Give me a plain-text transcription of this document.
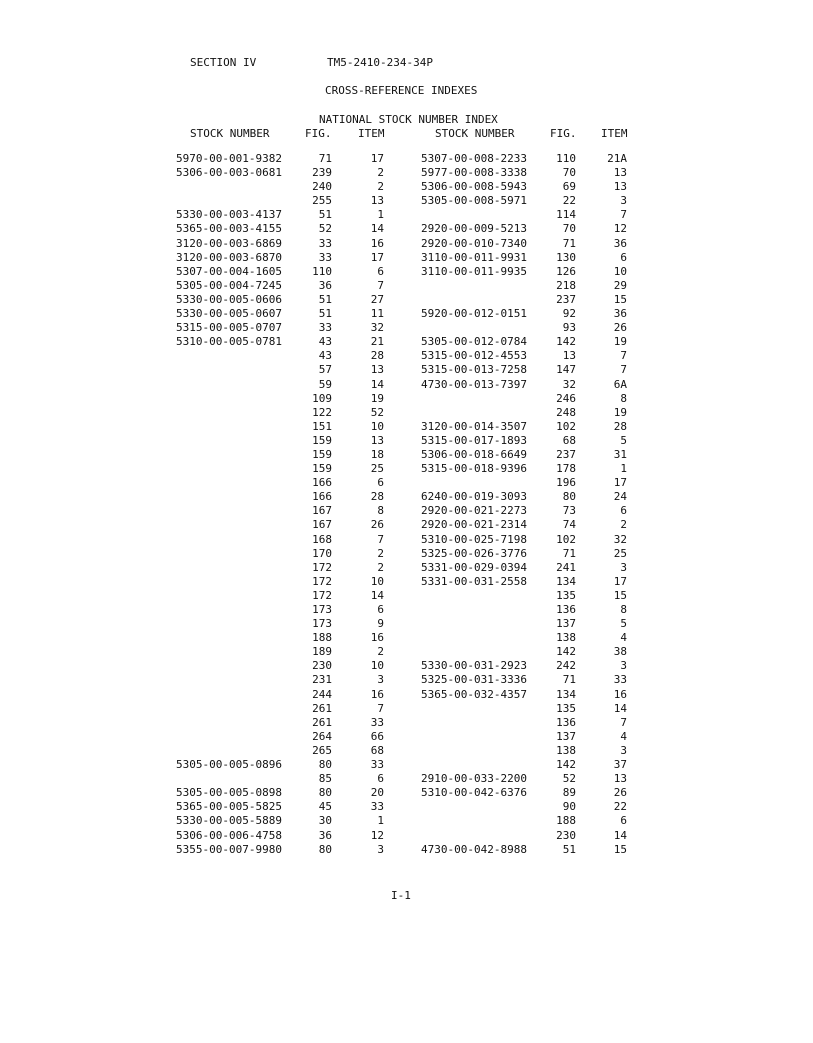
SECTION IV	TM5-2410-234-34P
CROSS-REFERENCE INDEXES
NATIONAL STOCK NUMBER INDEX
STOCK NUMBER	FIG. ITEM	STOCK NUMBER	FIG. ITEM
5970-00-001-9382	71	17	5307-00-008-2233	110	21A
5306-00-003-0681	239	2	5977-00-008-3338	70	13
240	2	5306-00-008-5943	69	13
255	13	5305-00-008-5971	22	3
5330-00-003-4137	51	1	114	7
5365-00-003-4155	52	14	2920-00-009-5213	70	12
3120-00-003-6869	33	16	2920-00-010-7340	71	36
3120-00-003-6870	33	17	3110-00-011-9931	130	6
5307-00-004-1605	110	6	3110-00-011-9935	126	10
5305-00-004-7245	36	7	218	29
5330-00-005-0606	51	27	237	15
5330-00-005-0607	51	11	5920-00-012-0151	92	36
5315-00-005-0707	33	32	93	26
5310-00-005-0781	43	21	5305-00-012-0784	142	19
43	28	5315-00-012-4553	13	7
57	13	5315-00-013-7258	147	7
59	14	4730-00-013-7397	32	6A
109	19	246	8
122	52	248	19
151	10	3120-00-014-3507	102	28
159	13	5315-00-017-1893	68	5
159	18	5306-00-018-6649	237	31
159	25	5315-00-018-9396	178	1
166	6	196	17
166	28	6240-00-019-3093	80	24
167	8	2920-00-021-2273	73	6
167	26	2920-00-021-2314	74	2
168	7	5310-00-025-7198	102	32
170	2	5325-00-026-3776	71	25
172	2	5331-00-029-0394	241	3
172	10	5331-00-031-2558	134	17
172	14	135	15
173	6	136	8
173	9	137	5
188	16	138	4
189	2	142	38
230	10	5330-00-031-2923	242	3
231	3	5325-00-031-3336	71	33
244	16	5365-00-032-4357	134	16
261	7	135	14
261	33	136	7
264	66	137	4
265	68	138	3
5305-00-005-0896	80	33	142	37
85	6	2910-00-033-2200	52	13
5305-00-005-0898	80	20	5310-00-042-6376	89	26
5365-00-005-5825	45	33	90	22
5330-00-005-5889	30	1	188	6
5306-00-006-4758	36	12	230	14
5355-00-007-9980	80	3	4730-00-042-8988	51	15
I-1
